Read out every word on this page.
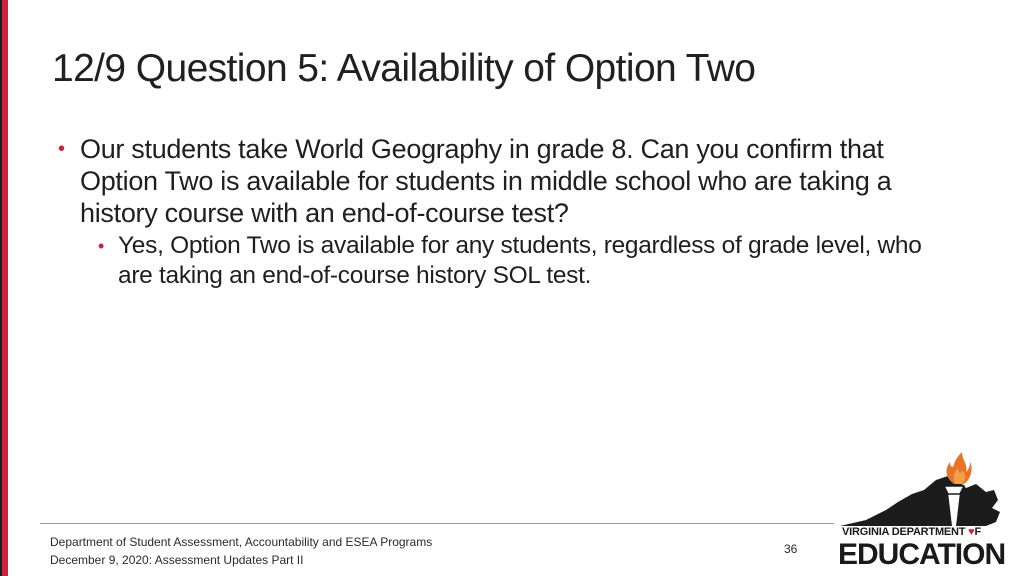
12/9 Question 5: Availability of Option Two
• Our students take World Geography in grade 8. Can you confirm that Option Two is available for students in middle school who are taking a history course with an end-of-course test?
• Yes, Option Two is available for any students, regardless of grade level, who are taking an end-of-course history SOL test.
Department of Student Assessment, Accountability and ESEA Programs
December 9, 2020: Assessment Updates Part II
36
VIRGINIA DEPARTMENT ♥F
EDUCATION
